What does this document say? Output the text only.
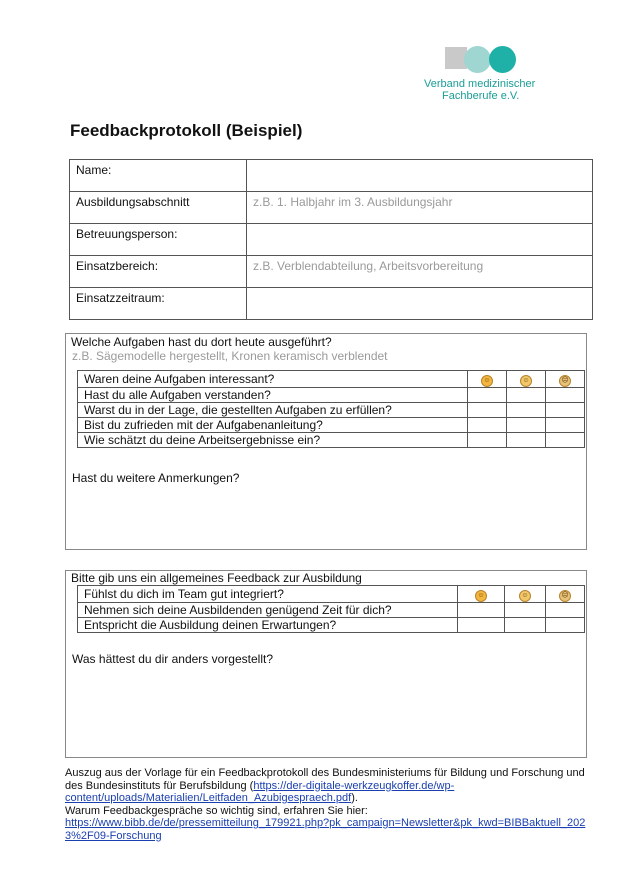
Verband medizinischer
Fachberufe e.V.
Feedbackprotokoll (Beispiel)
Name:	
Ausbildungsabschnitt	z.B. 1. Halbjahr im 3. Ausbildungsjahr
Betreuungsperson:	
Einsatzbereich:	z.B. Verblendabteilung, Arbeitsvorbereitung
Einsatzzeitraum:	
Welche Aufgaben hast du dort heute ausgeführt?
z.B. Sägemodelle hergestellt, Kronen keramisch verblendet
Waren deine Aufgaben interessant?	☺	☺	☹
Hast du alle Aufgaben verstanden?			
Warst du in der Lage, die gestellten Aufgaben zu erfüllen?			
Bist du zufrieden mit der Aufgabenanleitung?			
Wie schätzt du deine Arbeitsergebnisse ein?			
Hast du weitere Anmerkungen?
Bitte gib uns ein allgemeines Feedback zur Ausbildung
Fühlst du dich im Team gut integriert?	☺	☺	☹
Nehmen sich deine Ausbildenden genügend Zeit für dich?			
Entspricht die Ausbildung deinen Erwartungen?			
Was hättest du dir anders vorgestellt?
Auszug aus der Vorlage für ein Feedbackprotokoll des Bundesministeriums für Bildung und Forschung und des Bundesinstituts für Berufsbildung (https://der-digitale-werkzeugkoffer.de/wp-content/uploads/Materialien/Leitfaden_Azubigespraech.pdf).
Warum Feedbackgespräche so wichtig sind, erfahren Sie hier:
https://www.bibb.de/de/pressemitteilung_179921.php?pk_campaign=Newsletter&pk_kwd=BIBBaktuell_2023%2F09-Forschung
